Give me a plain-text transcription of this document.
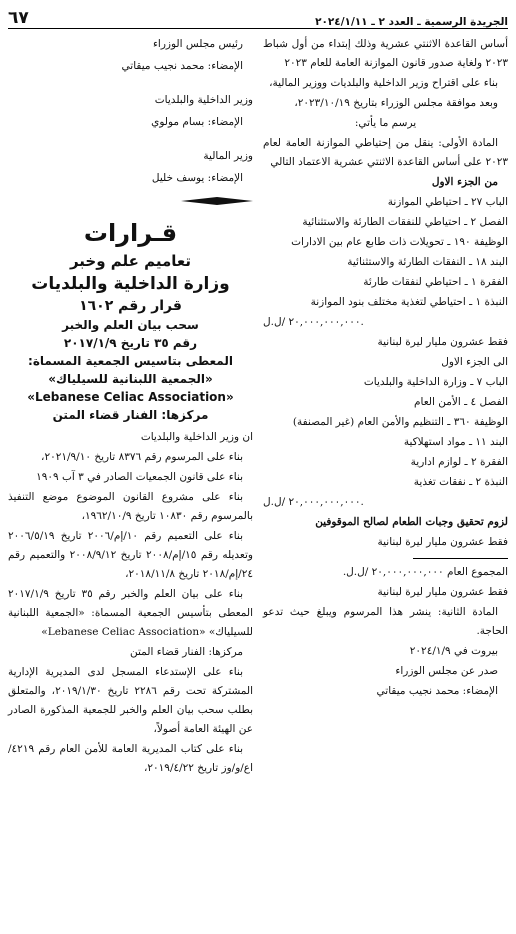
الجريدة الرسمية ـ العدد ٢ ـ ٢٠٢٤/١/١١
٦٧

أساس القاعدة الاثنتي عشرية وذلك إبتداء من أول شباط ٢٠٢٣ ولغاية صدور قانون الموازنة العامة للعام ٢٠٢٣

بناء على اقتراح وزير الداخلية والبلديات ووزير المالية،

وبعد موافقة مجلس الوزراء بتاريخ ٢٠٢٣/١٠/١٩،

يرسم ما يأتي:

المادة الأولى: ينقل من إحتياطي الموازنة العامة لعام ٢٠٢٣ على أساس القاعدة الاثنتي عشرية الاعتماد التالي

من الجزء الاول

الباب ٢٧ ـ احتياطي الموازنة

الفصل ٢ ـ احتياطي للنفقات الطارئة والاستثنائية

الوظيفة ١٩٠ ـ تحويلات ذات طابع عام بين الادارات

البند ١٨ ـ النفقات الطارئة والاستثنائية

الفقرة ١ ـ احتياطي لنفقات طارئة

النبذة ١ ـ احتياطي لتغذية مختلف بنود الموازنة

٢٠,٠٠٠,٠٠٠,٠٠٠ /ل.ل.

فقط عشرون مليار ليرة لبنانية

الى الجزء الاول

الباب ٧ ـ وزارة الداخلية والبلديات

الفصل ٤ ـ الأمن العام

الوظيفة ٣٦٠ ـ التنظيم والأمن العام (غير المصنفة)

البند ١١ ـ مواد استهلاكية

الفقرة ٢ ـ لوازم ادارية

النبذة ٢ ـ نفقات تغذية

٢٠,٠٠٠,٠٠٠,٠٠٠ /ل.ل.

لزوم تحقيق وجبات الطعام لصالح الموقوفين

فقط عشرون مليار ليرة لبنانية

المجموع العام ٢٠,٠٠٠,٠٠٠,٠٠٠ /ل.ل.

فقط عشرون مليار ليرة لبنانية

المادة الثانية: ينشر هذا المرسوم ويبلغ حيث تدعو الحاجة.

بيروت في ٢٠٢٤/١/٩

صدر عن مجلس الوزراء

الإمضاء: محمد نجيب ميقاتي

رئيس مجلس الوزراء

الإمضاء: محمد نجيب ميقاتي

وزير الداخلية والبلديات

الإمضاء: بسام مولوي

وزير المالية

الإمضاء: يوسف خليل

قـرارات
تعاميم علم وخبر
وزارة الداخلية والبلديات
قرار رقم ١٦٠٢
سحب بيان العلم والخبر
رقم ٣٥ تاريخ ٢٠١٧/١/٩
المعطى بتاسيس الجمعية المسماة:
«الجمعية اللبنانية للسيلياك»
«Lebanese Celiac Association»
مركزها: الفنار قضاء المتن

ان وزير الداخلية والبلديات

بناء على المرسوم رقم ٨٣٧٦ تاريخ ٢٠٢١/٩/١٠،

بناء على قانون الجمعيات الصادر في ٣ آب ١٩٠٩

بناء على مشروع القانون الموضوع موضع التنفيذ بالمرسوم رقم ١٠٨٣٠ تاريخ ١٩٦٢/١٠/٩،

بناء على التعميم رقم ١٠/إم/٢٠٠٦ تاريخ ٢٠٠٦/٥/١٩ وتعديله رقم ١٥/إم/٢٠٠٨ تاريخ ٢٠٠٨/٩/١٢ والتعميم رقم ٢٤/إم/٢٠١٨ تاريخ ٢٠١٨/١١/٨،

بناء على بيان العلم والخبر رقم ٣٥ تاريخ ٢٠١٧/١/٩ المعطى بتأسيس الجمعية المسماة: «الجمعية اللبنانية للسيلياك» «Lebanese Celiac Association»

مركزها: الفنار قضاء المتن

بناء على الإستدعاء المسجل لدى المديرية الإدارية المشتركة تحت رقم ٢٢٨٦ تاريخ ٢٠١٩/١/٣٠، والمتعلق بطلب سحب بيان العلم والخبر للجمعية المذكورة الصادر عن الهيئة العامة أصولاً،

بناء على كتاب المديرية العامة للأمن العام رقم ٤٢١٩/اع/و/وز تاريخ ٢٠١٩/٤/٢٢،
